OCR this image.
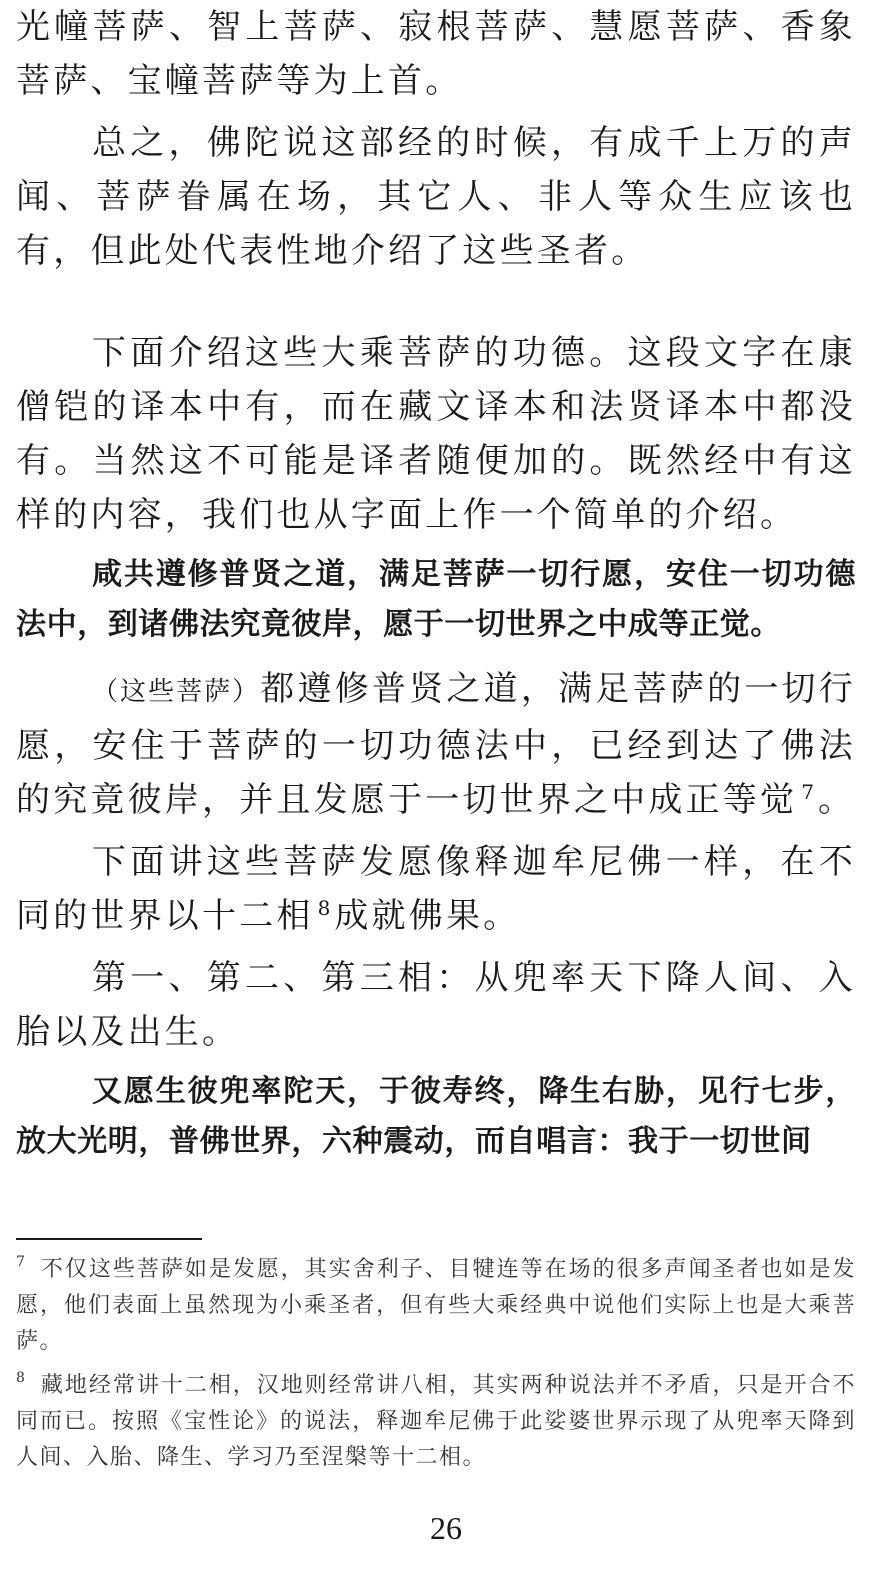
光幢菩萨、智上菩萨、寂根菩萨、慧愿菩萨、香象菩萨、宝幢菩萨等为上首。

总之，佛陀说这部经的时候，有成千上万的声闻、菩萨眷属在场，其它人、非人等众生应该也有，但此处代表性地介绍了这些圣者。

下面介绍这些大乘菩萨的功德。这段文字在康僧铠的译本中有，而在藏文译本和法贤译本中都没有。当然这不可能是译者随便加的。既然经中有这样的内容，我们也从字面上作一个简单的介绍。

咸共遵修普贤之道，满足菩萨一切行愿，安住一切功德法中，到诸佛法究竟彼岸，愿于一切世界之中成等正觉。

（这些菩萨）都遵修普贤之道，满足菩萨的一切行愿，安住于菩萨的一切功德法中，已经到达了佛法的究竟彼岸，并且发愿于一切世界之中成正等觉 $^7$ 。

下面讲这些菩萨发愿像释迦牟尼佛一样，在不同的世界以十二相 $^8$ 成就佛果。

第一、第二、第三相：从兜率天下降人间、入胎以及出生。

又愿生彼兜率陀天，于彼寿终，降生右胁，见行七步，放大光明，普佛世界，六种震动，而自唱言：我于一切世间

$^7$ 不仅这些菩萨如是发愿，其实舍利子、目犍连等在场的很多声闻圣者也如是发愿，他们表面上虽然现为小乘圣者，但有些大乘经典中说他们实际上也是大乘菩萨。

$^8$ 藏地经常讲十二相，汉地则经常讲八相，其实两种说法并不矛盾，只是开合不同而已。按照《宝性论》的说法，释迦牟尼佛于此娑婆世界示现了从兜率天降到人间、入胎、降生、学习乃至涅槃等十二相。

26
